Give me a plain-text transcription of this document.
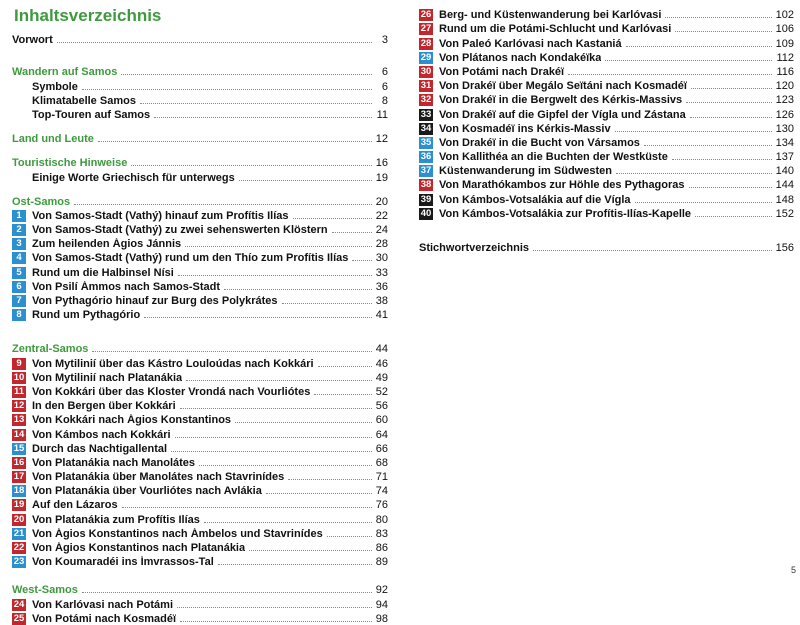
Inhaltsverzeichnis
Vorwort	3
Wandern auf Samos	6
Symbole	6
Klimatabelle Samos	8
Top-Touren auf Samos	11
Land und Leute	12
Touristische Hinweise	16
Einige Worte Griechisch für unterwegs	19
Ost-Samos	20
1 Von Samos-Stadt (Vathý) hinauf zum Profítis Ilías	22
2 Von Samos-Stadt (Vathý) zu zwei sehenswerten Klöstern	24
3 Zum heilenden Ágios Jánnis	28
4 Von Samos-Stadt (Vathý) rund um den Thío zum Profítis Ilías 30
5 Rund um die Halbinsel Nísi	33
6 Von Psilí Ámmos nach Samos-Stadt	36
7 Von Pythagório hinauf zur Burg des Polykrátes	38
8 Rund um Pythagório	41
Zentral-Samos	44
9 Von Mytilinií über das Kástro Louloúdas nach Kokkári	46
10 Von Mytilinií nach Platanákia	49
11 Von Kokkári über das Kloster Vrondá nach Vourliótes	52
12 In den Bergen über Kokkári	56
13 Von Kokkári nach Ágios Konstantinos	60
14 Von Kámbos nach Kokkári	64
15 Durch das Nachtigallental	66
16 Von Platanákia nach Manolátes	68
17 Von Platanákia über Manolátes nach Stavrinídes	71
18 Von Platanákia über Vourliótes nach Avlákia	74
19 Auf den Lázaros	76
20 Von Platanákia zum Profítis Ilías	80
21 Von Ágios Konstantinos nach Ámbelos und Stavrinídes	83
22 Von Ágios Konstantinos nach Platanákia	86
23 Von Koumaradéi ins Ímvrassos-Tal	89
West-Samos	92
24 Von Karlóvasi nach Potámi	94
25 Von Potámi nach Kosmadéï	98
26 Berg- und Küstenwanderung bei Karlóvasi	102
27 Rund um die Potámi-Schlucht und Karlóvasi	106
28 Von Paleó Karlóvasi nach Kastaniá	109
29 Von Plátanos nach Kondakéïka	112
30 Von Potámi nach Drakéï	116
31 Von Drakéï über Megálo Seïtáni nach Kosmadéï	120
32 Von Drakéï in die Bergwelt des Kérkis-Massivs	123
33 Von Drakéï auf die Gipfel der Vígla und Zástana	126
34 Von Kosmadéï ins Kérkis-Massiv	130
35 Von Drakéï in die Bucht von Vársamos	134
36 Von Kallithéa an die Buchten der Westküste	137
37 Küstenwanderung im Südwesten	140
38 Von Marathókambos zur Höhle des Pythagoras	144
39 Von Kámbos-Votsalákia auf die Vígla	148
40 Von Kámbos-Votsalákia zur Profítis-Ilías-Kapelle	152
Stichwortverzeichnis	156
5
